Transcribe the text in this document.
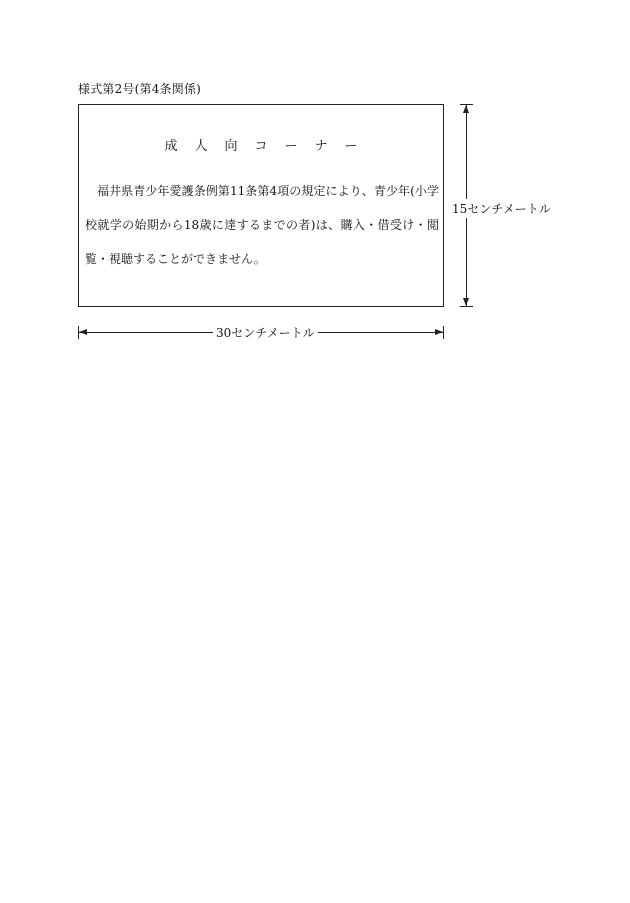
様式第2号(第4条関係)
成人向コーナー
福井県青少年愛護条例第11条第4項の規定により、青少年(小学校就学の始期から18歳に達するまでの者)は、購入・借受け・閲覧・視聴することができません。
15センチメートル
30センチメートル
